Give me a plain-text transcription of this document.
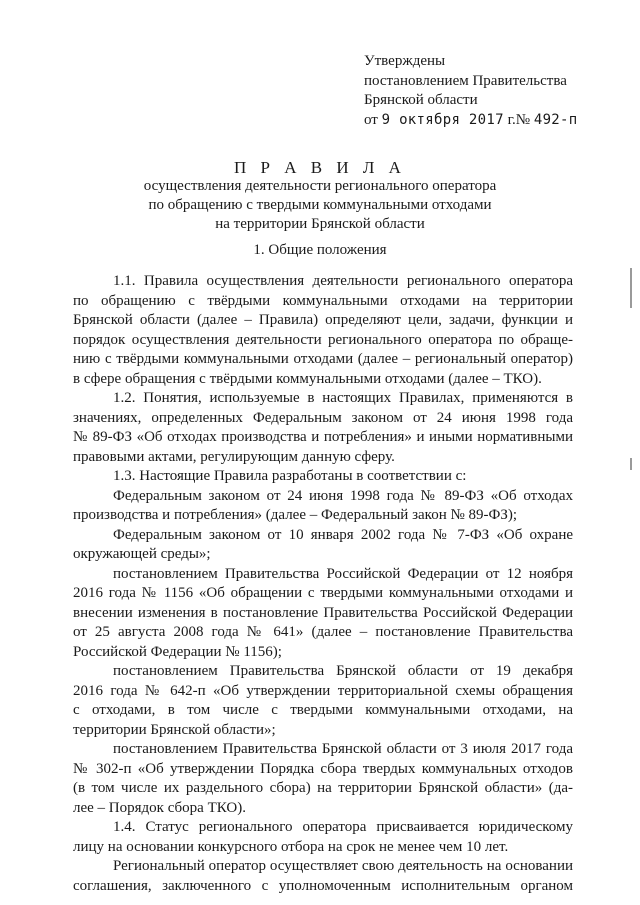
Утверждены
постановлением Правительства
Брянской области
от 9 октября 2017 г.№ 492-п
П Р А В И Л А
осуществления деятельности регионального оператора
по обращению с твердыми коммунальными отходами
на территории Брянской области
1. Общие положения
1.1. Правила осуществления деятельности регионального оператора
по обращению с твёрдыми коммунальными отходами на территории
Брянской области (далее – Правила) определяют цели, задачи, функции и
порядок осуществления деятельности регионального оператора по обраще-
нию с твёрдыми коммунальными отходами (далее – региональный оператор)
в сфере обращения с твёрдыми коммунальными отходами (далее – ТКО).
1.2. Понятия, используемые в настоящих Правилах, применяются в
значениях, определенных Федеральным законом от 24 июня 1998 года
№ 89-ФЗ «Об отходах производства и потребления» и иными нормативными
правовыми актами, регулирующим данную сферу.
1.3. Настоящие Правила разработаны в соответствии с:
Федеральным законом от 24 июня 1998 года № 89-ФЗ «Об отходах
производства и потребления» (далее – Федеральный закон № 89-ФЗ);
Федеральным законом от 10 января 2002 года № 7-ФЗ «Об охране
окружающей среды»;
постановлением Правительства Российской Федерации от 12 ноября
2016 года № 1156 «Об обращении с твердыми коммунальными отходами и
внесении изменения в постановление Правительства Российской Федерации
от 25 августа 2008 года № 641» (далее – постановление Правительства
Российской Федерации № 1156);
постановлением Правительства Брянской области от 19 декабря
2016 года № 642-п «Об утверждении территориальной схемы обращения
с отходами, в том числе с твердыми коммунальными отходами, на
территории Брянской области»;
постановлением Правительства Брянской области от 3 июля 2017 года
№ 302-п «Об утверждении Порядка сбора твердых коммунальных отходов
(в том числе их раздельного сбора) на территории Брянской области» (да-
лее – Порядок сбора ТКО).
1.4. Статус регионального оператора присваивается юридическому
лицу на основании конкурсного отбора на срок не менее чем 10 лет.
Региональный оператор осуществляет свою деятельность на основании
соглашения, заключенного с уполномоченным исполнительным органом
